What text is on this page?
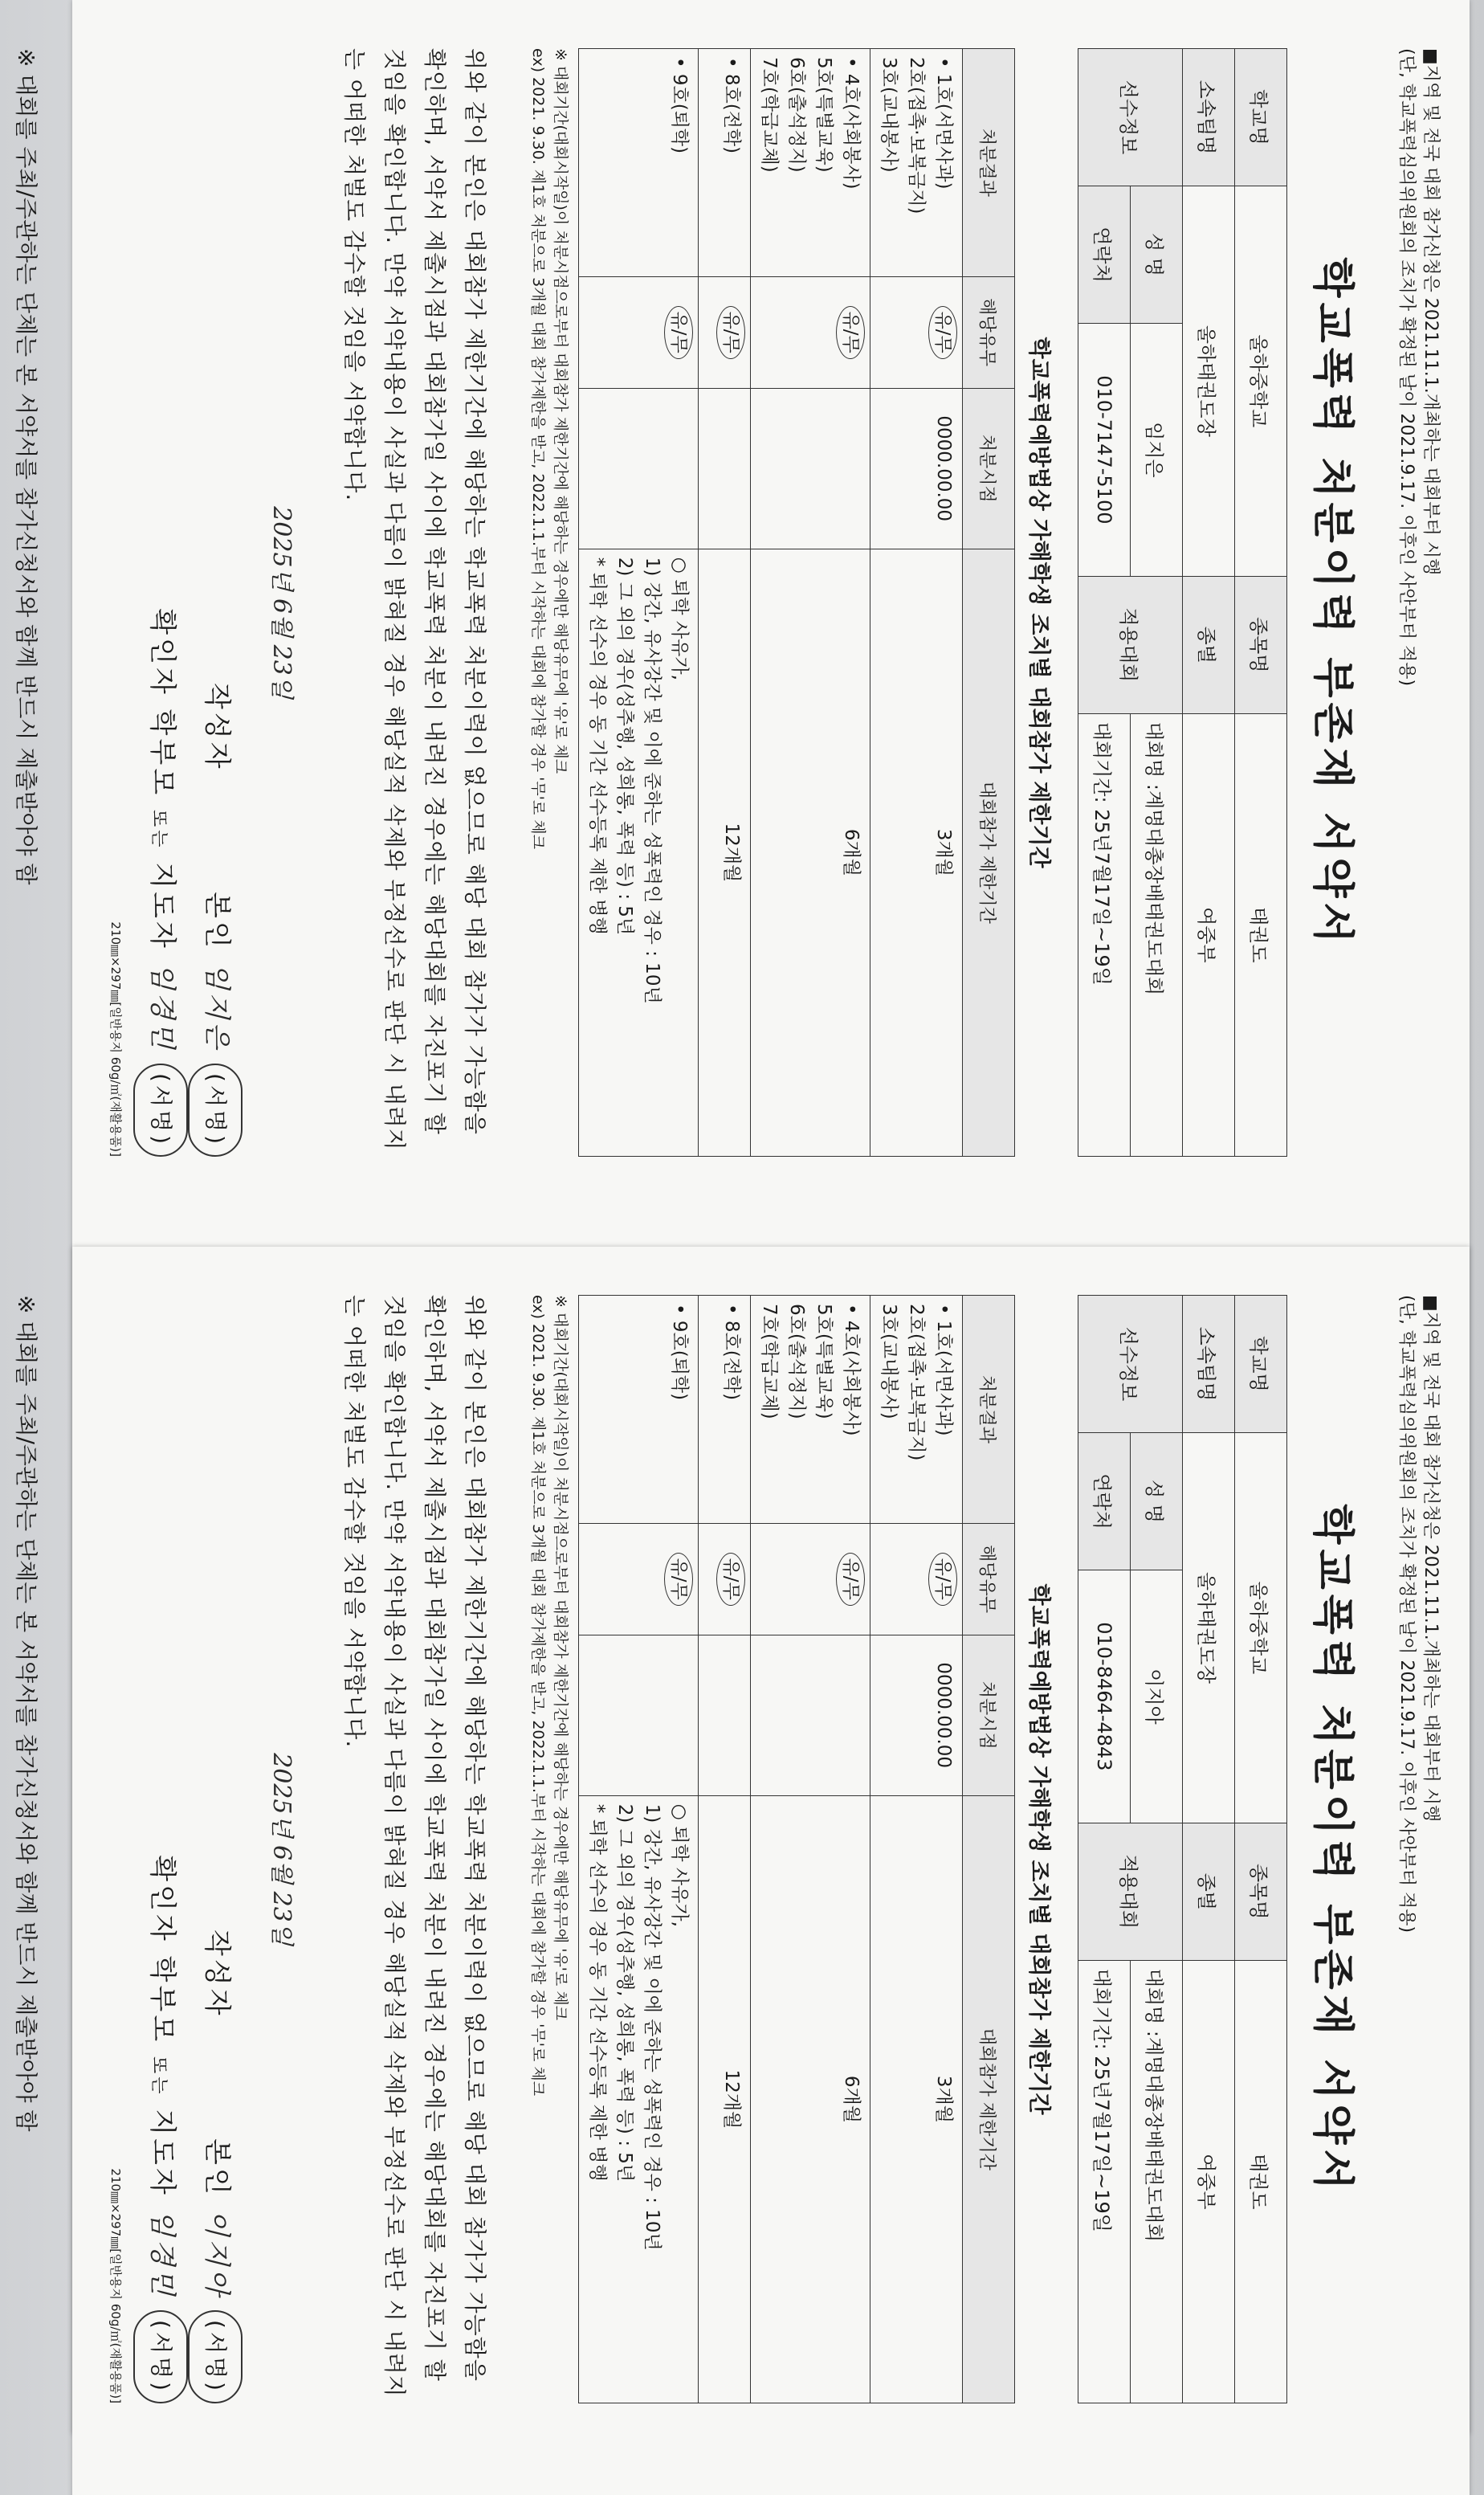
■지역 및 전국 대회 참가신청은 2021.11.1.개최하는 대회부터 시행
(단, 학교폭력심의위원회의 조치가 확정된 날이 2021.9.17. 이후인 사안부터 적용)
학교폭력 처분이력 부존재 서약서
학교명	울하중학교		종목명	태권도
소속팀명	울하태권도장		종별	여중부
선수정보	성 명	임지은	적용대회	대회명 :계명대총장배태권도대회
	연락처	010-7147-5100		대회기간: 25년7월17일~19일
학교폭력예방법상 가해학생 조치별 대회참가 제한기간
처분결과	해당유무	처분시점	대회참가 제한기간
• 1호(서면사과)
2호(접촉·보복금지)
3호(교내봉사)	유/무	0000.00.00	3개월
• 4호(사회봉사)
5호(특별교육)
6호(출석정지)
7호(학급교체)	유/무		6개월
• 8호(전학)	유/무		12개월
• 9호(퇴학)	유/무		○ 퇴학 사유가,
1) 강간, 유사강간 및 이에 준하는 성폭력인 경우 : 10년
2) 그 외의 경우(성추행, 성희롱, 폭력 등) : 5년
* 퇴학 선수의 경우 동 기간 선수등록 제한 병행
※ 대회기간(대회시작일)이 처분시점으로부터 대회참가 제한기간에 해당하는 경우에만 해당유무에 '유'로 체크
ex) 2021. 9.30. 제1호 처분으로 3개월 대회 참가제한을 받고, 2022.1.1.부터 시작하는 대회에 참가할 경우 '무'로 체크
위와 같이 본인은 대회참가 제한기간에 해당하는 학교폭력 처분이력이 없으므로 해당 대회 참가가 가능함을 확인하며, 서약서 제출시점과 대회참가일 사이에 학교폭력 처분이 내려진 경우에는 해당대회를 자진포기 할 것임을 확인합니다. 만약 서약내용이 사실과 다름이 밝혀질 경우 해당실적 삭제와 부정선수로 판단 시 내려지는 어떠한 처벌도 감수할 것임을 서약합니다.
2025년 6월 23일
작성자  본인 임지은 (서명)
확인자 학부모 또는 지도자 임경민 (서명)
210㎜×297㎜[일반용지 60g/㎡(재활용품)]
※ 대회를 주최/주관하는 단체는 본 서약서를 참가신청서와 함께 반드시 제출받아야 함
■지역 및 전국 대회 참가신청은 2021.11.1.개최하는 대회부터 시행
(단, 학교폭력심의위원회의 조치가 확정된 날이 2021.9.17. 이후인 사안부터 적용)
학교폭력 처분이력 부존재 서약서
학교명	울하중학교		종목명	태권도
소속팀명	울하태권도장		종별	여중부
선수정보	성 명	이지아	적용대회	대회명 :계명대총장배태권도대회
	연락처	010-8464-4843		대회기간: 25년7월17일~19일
학교폭력예방법상 가해학생 조치별 대회참가 제한기간
처분결과	해당유무	처분시점	대회참가 제한기간
• 1호(서면사과)
2호(접촉·보복금지)
3호(교내봉사)	유/무	0000.00.00	3개월
• 4호(사회봉사)
5호(특별교육)
6호(출석정지)
7호(학급교체)	유/무		6개월
• 8호(전학)	유/무		12개월
• 9호(퇴학)	유/무		○ 퇴학 사유가,
1) 강간, 유사강간 및 이에 준하는 성폭력인 경우 : 10년
2) 그 외의 경우(성추행, 성희롱, 폭력 등) : 5년
* 퇴학 선수의 경우 동 기간 선수등록 제한 병행
※ 대회기간(대회시작일)이 처분시점으로부터 대회참가 제한기간에 해당하는 경우에만 해당유무에 '유'로 체크
ex) 2021. 9.30. 제1호 처분으로 3개월 대회 참가제한을 받고, 2022.1.1.부터 시작하는 대회에 참가할 경우 '무'로 체크
위와 같이 본인은 대회참가 제한기간에 해당하는 학교폭력 처분이력이 없으므로 해당 대회 참가가 가능함을 확인하며, 서약서 제출시점과 대회참가일 사이에 학교폭력 처분이 내려진 경우에는 해당대회를 자진포기 할 것임을 확인합니다. 만약 서약내용이 사실과 다름이 밝혀질 경우 해당실적 삭제와 부정선수로 판단 시 내려지는 어떠한 처벌도 감수할 것임을 서약합니다.
2025년 6월 23일
작성자  본인 이지아 (서명)
확인자 학부모 또는 지도자 임경민 (서명)
210㎜×297㎜[일반용지 60g/㎡(재활용품)]
※ 대회를 주최/주관하는 단체는 본 서약서를 참가신청서와 함께 반드시 제출받아야 함
